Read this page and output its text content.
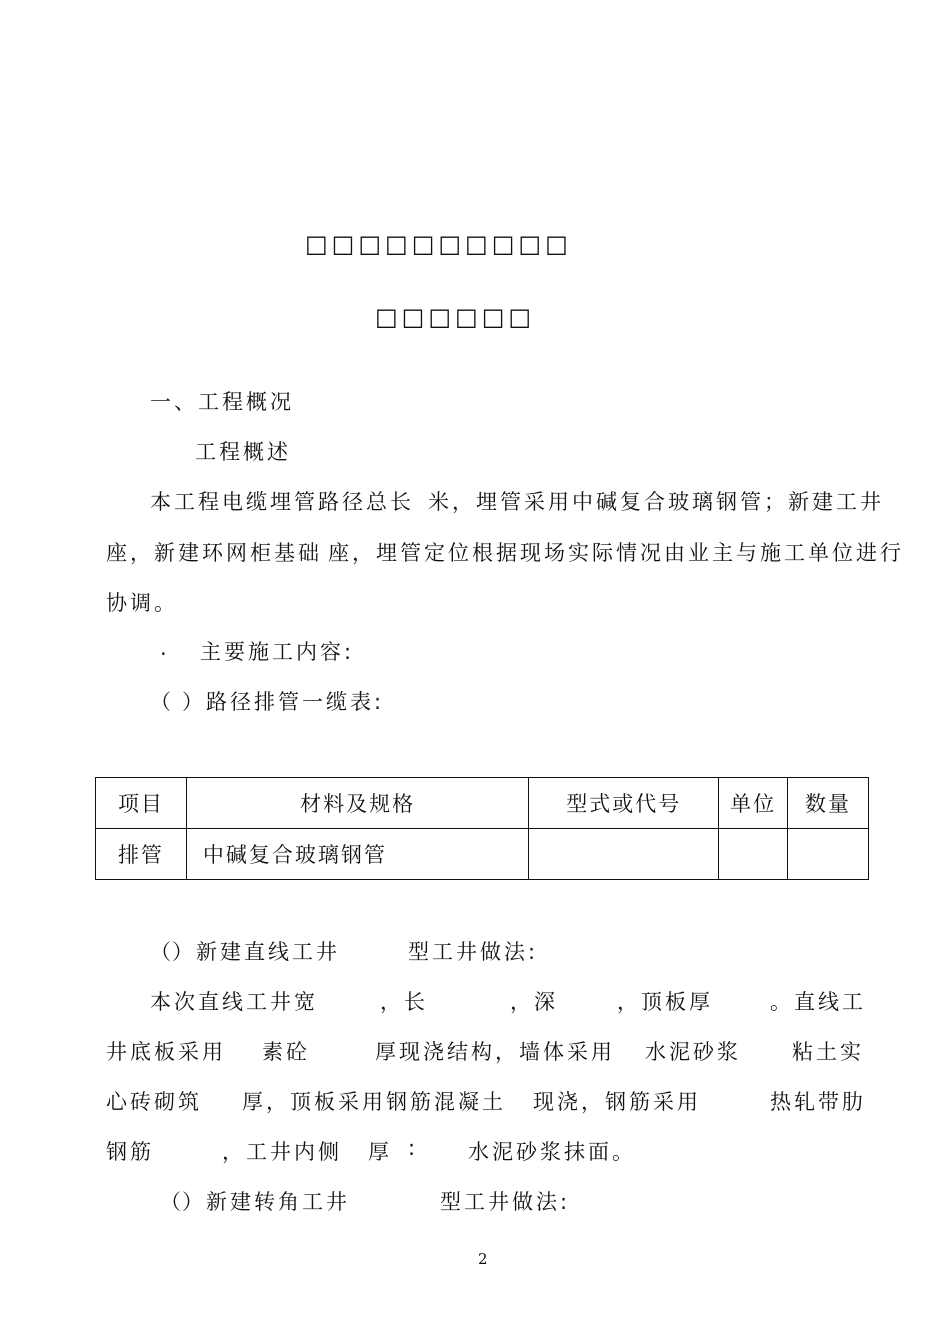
□□□□□□□□□□
□□□□□□
一、工程概况
工程概述
本工程电缆埋管路径总长 米，埋管采用中碱复合玻璃钢管；新建工井
座，新建环网柜基础 座，埋管定位根据现场实际情况由业主与施工单位进行
协调。
. 主要施工内容:
（ ）路径排管一缆表:
项目	材料及规格	型式或代号	单位	数量
排管	中碱复合玻璃钢管			
（
）新建直线工井	型工井做法:
本次直线工井宽	，长	，深	，顶板厚	。直线工
井底板采用 素砼	厚现浇结构，墙体采用 水泥砂浆 粘土实
心砖砌筑 厚，顶板采用钢筋混凝土 现浇，钢筋采用	热轧带肋
钢筋	，工井内侧 厚 : 水泥砂浆抹面。
（
）新建转角工井	型工井做法:
2
